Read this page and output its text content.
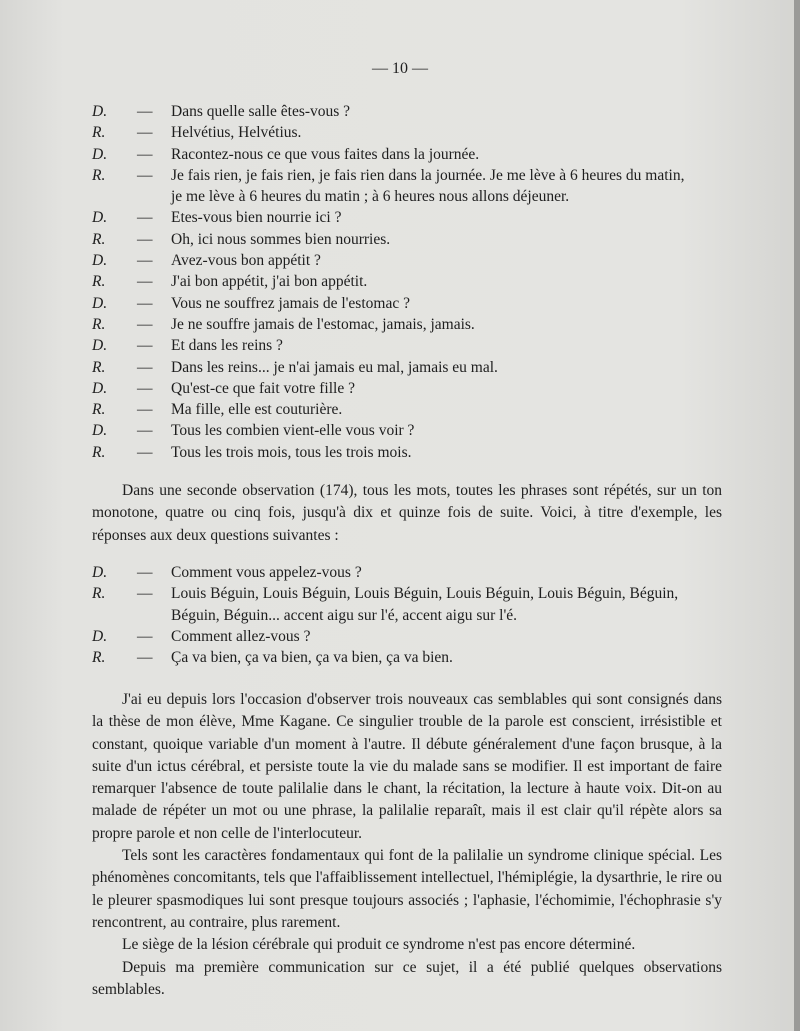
— 10 —
D.	—	Dans quelle salle êtes-vous ?
R.	—	Helvétius, Helvétius.
D.	—	Racontez-nous ce que vous faites dans la journée.
R.	—	Je fais rien, je fais rien, je fais rien dans la journée. Je me lève à 6 heures du matin,
je me lève à 6 heures du matin ; à 6 heures nous allons déjeuner.
D.	—	Etes-vous bien nourrie ici ?
R.	—	Oh, ici nous sommes bien nourries.
D.	—	Avez-vous bon appétit ?
R.	—	J'ai bon appétit, j'ai bon appétit.
D.	—	Vous ne souffrez jamais de l'estomac ?
R.	—	Je ne souffre jamais de l'estomac, jamais, jamais.
D.	—	Et dans les reins ?
R.	—	Dans les reins... je n'ai jamais eu mal, jamais eu mal.
D.	—	Qu'est-ce que fait votre fille ?
R.	—	Ma fille, elle est couturière.
D.	—	Tous les combien vient-elle vous voir ?
R.	—	Tous les trois mois, tous les trois mois.
Dans une seconde observation (174), tous les mots, toutes les phrases sont répétés, sur un ton monotone, quatre ou cinq fois, jusqu'à dix et quinze fois de suite. Voici, à titre d'exemple, les réponses aux deux questions suivantes :
D.	—	Comment vous appelez-vous ?
R.	—	Louis Béguin, Louis Béguin, Louis Béguin, Louis Béguin, Louis Béguin, Béguin,
Béguin, Béguin... accent aigu sur l'é, accent aigu sur l'é.
D.	—	Comment allez-vous ?
R.	—	Ça va bien, ça va bien, ça va bien, ça va bien.

J'ai eu depuis lors l'occasion d'observer trois nouveaux cas semblables qui sont consignés dans la thèse de mon élève, Mme Kagane. Ce singulier trouble de la parole est conscient, irrésistible et constant, quoique variable d'un moment à l'autre. Il débute généralement d'une façon brusque, à la suite d'un ictus cérébral, et persiste toute la vie du malade sans se modifier. Il est important de faire remarquer l'absence de toute palilalie dans le chant, la récitation, la lecture à haute voix. Dit-on au malade de répéter un mot ou une phrase, la palilalie reparaît, mais il est clair qu'il répète alors sa propre parole et non celle de l'interlocuteur.

Tels sont les caractères fondamentaux qui font de la palilalie un syndrome clinique spécial. Les phénomènes concomitants, tels que l'affaiblissement intellectuel, l'hémiplégie, la dysarthrie, le rire ou le pleurer spasmodiques lui sont presque toujours associés ; l'aphasie, l'échomimie, l'échophrasie s'y rencontrent, au contraire, plus rarement.

Le siège de la lésion cérébrale qui produit ce syndrome n'est pas encore déterminé.

Depuis ma première communication sur ce sujet, il a été publié quelques observations semblables.
